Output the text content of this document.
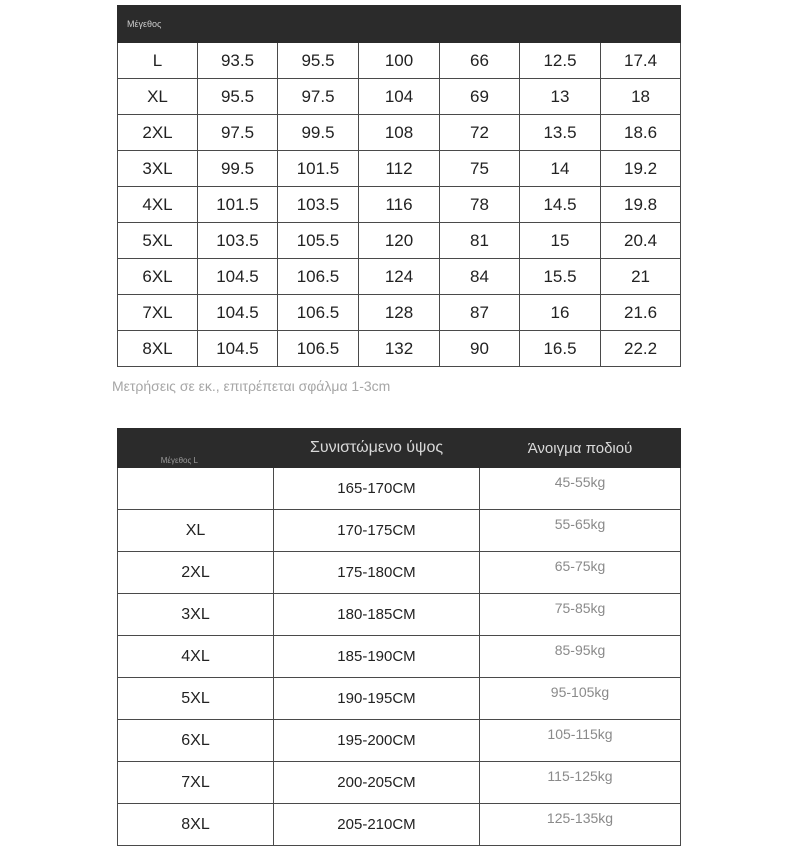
Μέγεθος						
L	93.5	95.5	100	66	12.5	17.4
XL	95.5	97.5	104	69	13	18
2XL	97.5	99.5	108	72	13.5	18.6
3XL	99.5	101.5	112	75	14	19.2
4XL	101.5	103.5	116	78	14.5	19.8
5XL	103.5	105.5	120	81	15	20.4
6XL	104.5	106.5	124	84	15.5	21
7XL	104.5	106.5	128	87	16	21.6
8XL	104.5	106.5	132	90	16.5	22.2
Μετρήσεις σε εκ., επιτρέπεται σφάλμα 1-3cm
Μέγεθος L	Συνιστώμενο ύψος	Άνοιγμα ποδιού
	165-170CM	45-55kg
XL	170-175CM	55-65kg
2XL	175-180CM	65-75kg
3XL	180-185CM	75-85kg
4XL	185-190CM	85-95kg
5XL	190-195CM	95-105kg
6XL	195-200CM	105-115kg
7XL	200-205CM	115-125kg
8XL	205-210CM	125-135kg
